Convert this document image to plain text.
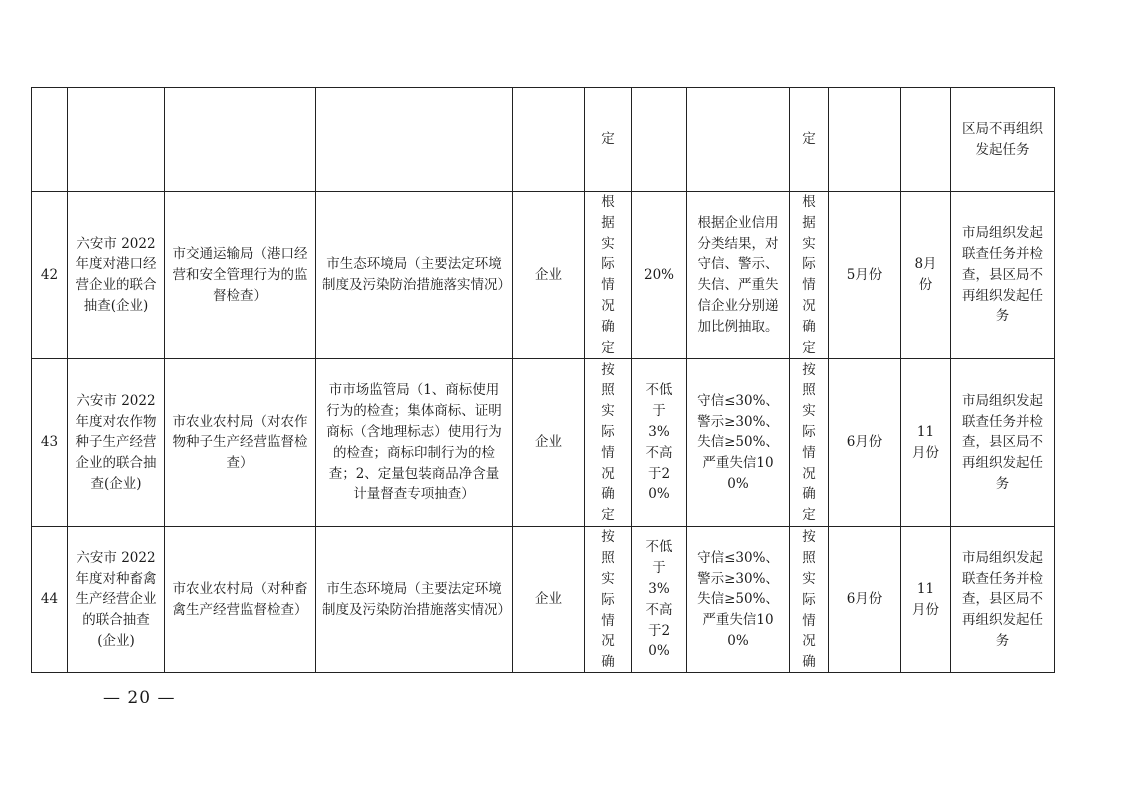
					定			定			区局不再组织发起任务

42	六安市 2022年度对港口经营企业的联合抽查(企业)	市交通运输局（港口经营和安全管理行为的监督检查）	市生态环境局（主要法定环境制度及污染防治措施落实情况）	企业	根据实际情况确定	20%	根据企业信用分类结果，对守信、警示、失信、严重失信企业分别递加比例抽取。	根据实际情况确定	5月份	8月份	市局组织发起联查任务并检查，县区局不再组织发起任务

43	六安市 2022年度对农作物种子生产经营企业的联合抽查(企业)	市农业农村局（对农作物种子生产经营监督检查）	市市场监管局（1、商标使用行为的检查；集体商标、证明商标（含地理标志）使用行为的检查；商标印制行为的检查；2、定量包装商品净含量计量督查专项抽查）	企业	按照实际情况确定	不低于3%不高于20%	守信≤30%、警示≥30%、失信≥50%、严重失信100%	按照实际情况确定	6月份	11月份	市局组织发起联查任务并检查，县区局不再组织发起任务

44	六安市 2022年度对种畜禽生产经营企业的联合抽查(企业)	市农业农村局（对种畜禽生产经营监督检查）	市生态环境局（主要法定环境制度及污染防治措施落实情况）	企业	按照实际情况确	不低于3%不高于20%	守信≤30%、警示≥30%、失信≥50%、严重失信100%	按照实际情况确	6月份	11月份	市局组织发起联查任务并检查，县区局不再组织发起任务
— 20 —
